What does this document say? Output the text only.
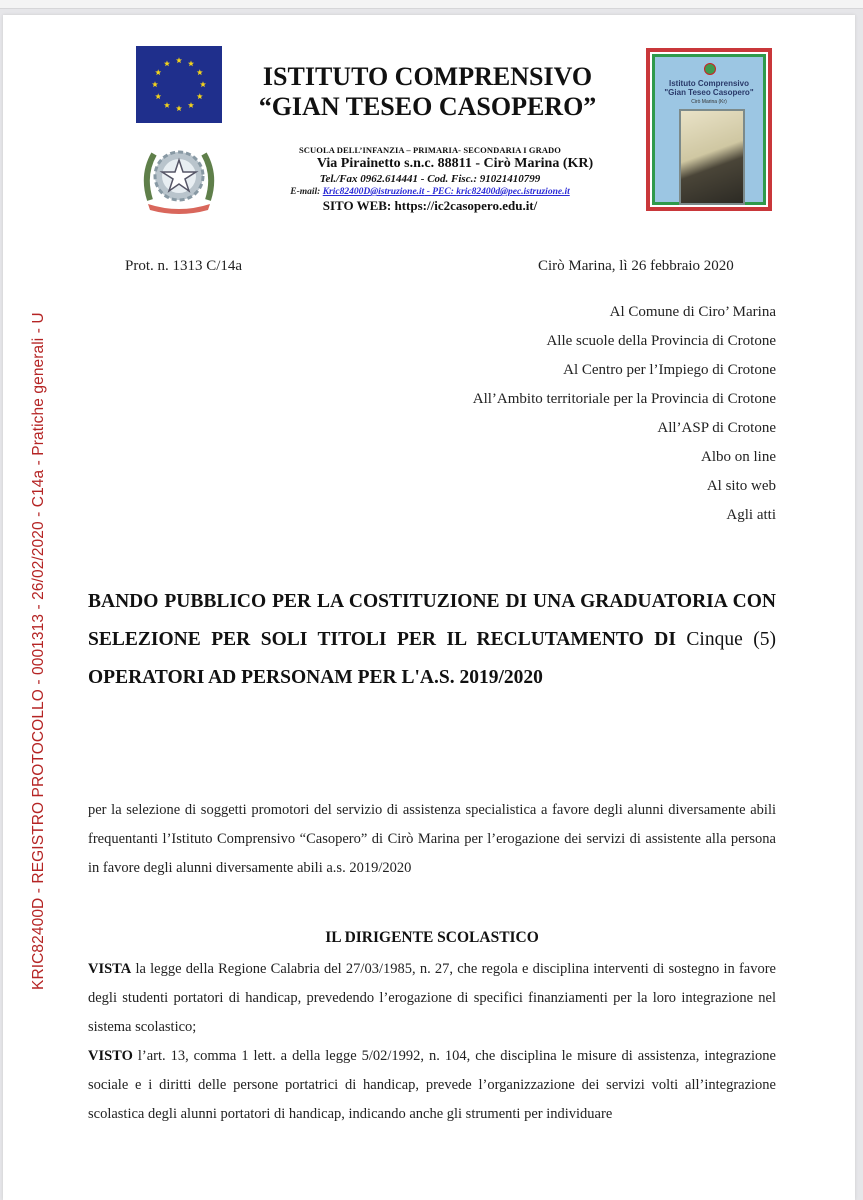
ISTITUTO COMPRENSIVO
“GIAN TESEO CASOPERO”
SCUOLA DELL’INFANZIA – PRIMARIA- SECONDARIA I GRADO
Via Pirainetto s.n.c. 88811 - Cirò Marina (KR)
Tel./Fax 0962.614441 - Cod. Fisc.: 91021410799
E-mail: Kric82400D@istruzione.it - PEC: kric82400d@pec.istruzione.it
SITO WEB: https://ic2casopero.edu.it/
Istituto Comprensivo
"Gian Teseo Casopero"
Cirò Marina (Kr)
KRIC82400D - REGISTRO PROTOCOLLO - 0001313 - 26/02/2020 - C14a - Pratiche generali - U
Prot. n. 1313 C/14a	Cirò Marina, lì 26 febbraio 2020
Al Comune di Ciro’ Marina
Alle scuole della Provincia di Crotone
Al Centro per l’Impiego di Crotone
All’Ambito territoriale per la Provincia di Crotone
All’ASP di Crotone
Albo on line
Al sito web
Agli atti
BANDO PUBBLICO PER LA COSTITUZIONE DI UNA GRADUATORIA CON SELEZIONE PER SOLI TITOLI PER IL RECLUTAMENTO DI Cinque (5) OPERATORI AD PERSONAM PER L'A.S. 2019/2020
per la selezione di soggetti promotori del servizio di assistenza specialistica a favore degli alunni diversamente abili frequentanti l’Istituto Comprensivo “Casopero” di Cirò Marina per l’erogazione dei servizi di assistente alla persona in favore degli alunni diversamente abili a.s. 2019/2020
IL DIRIGENTE SCOLASTICO
VISTA la legge della Regione Calabria del 27/03/1985, n. 27, che regola e disciplina interventi di sostegno in favore degli studenti portatori di handicap, prevedendo l’erogazione di specifici finanziamenti per la loro integrazione nel sistema scolastico;
VISTO l’art. 13, comma 1 lett. a della legge 5/02/1992, n. 104, che disciplina le misure di assistenza, integrazione sociale e i diritti delle persone portatrici di handicap, prevede l’organizzazione dei servizi volti all’integrazione scolastica degli alunni portatori di handicap, indicando anche gli strumenti per individuare
